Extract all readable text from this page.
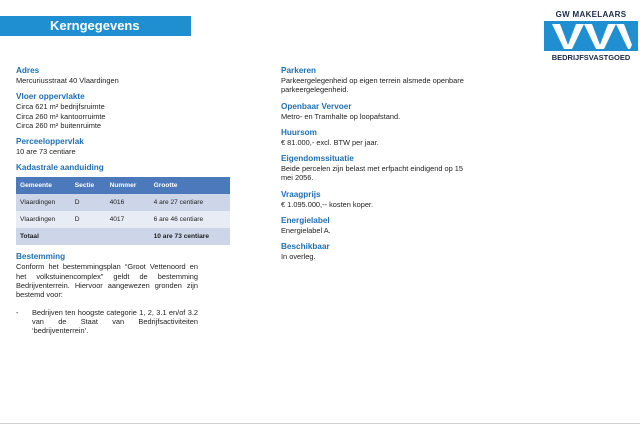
Kerngegevens
GW MAKELAARS
BEDRIJFSVASTGOED
Adres
Mercuriusstraat 40 Vlaardingen
Vloer oppervlakte
Circa 621 m² bedrijfsruimte
Circa 260 m² kantoorruimte
Circa 260 m² buitenruimte
Perceeloppervlak
10 are 73 centiare
Kadastrale aanduiding
Gemeente	Sectie	Nummer	Grootte
Vlaardingen	D	4016	4 are 27 centiare
Vlaardingen	D	4017	6 are 46 centiare
Totaal			10 are 73 centiare
Bestemming
Conform het bestemmingsplan “Groot Vettenoord en het volkstuinencomplex” geldt de bestemming Bedrijventerrein. Hiervoor aangewezen gronden zijn bestemd voor:
-	Bedrijven ten hoogste categorie 1, 2, 3.1 en/of 3.2 van de Staat van Bedrijfsactiviteiten ‘bedrijventerrein’.
Parkeren
Parkeergelegenheid op eigen terrein alsmede openbare parkeergelegenheid.
Openbaar Vervoer
Metro- en Tramhalte op loopafstand.
Huursom
€ 81.000,- excl. BTW per jaar.
Eigendomssituatie
Beide percelen zijn belast met erfpacht eindigend op 15 mei 2056.
Vraagprijs
€ 1.095.000,-- kosten koper.
Energielabel
Energielabel A.
Beschikbaar
In overleg.
